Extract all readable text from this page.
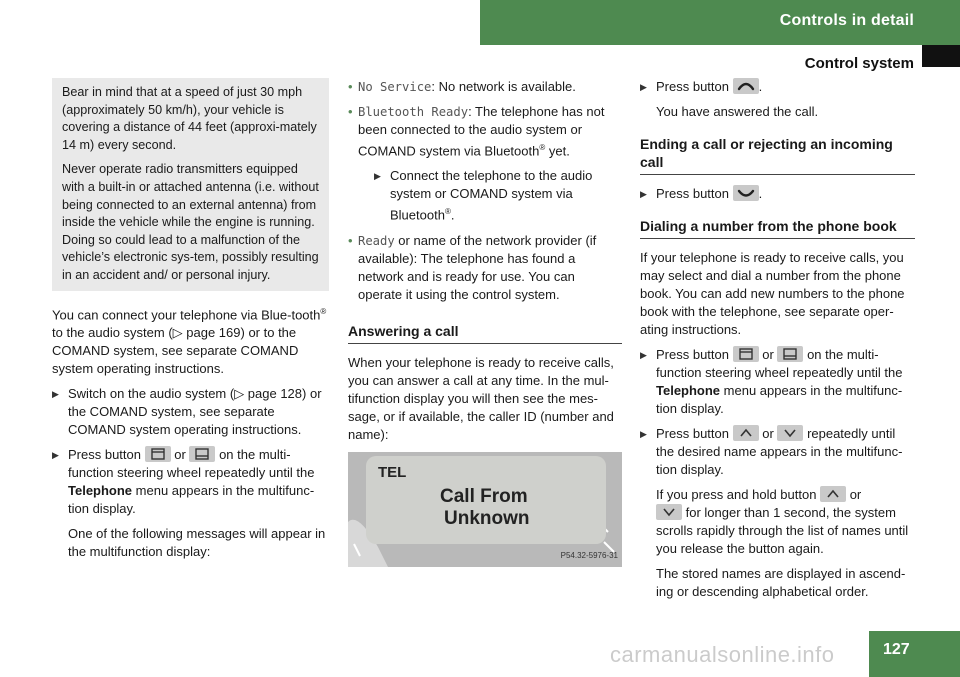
Controls in detail
Control system

Bear in mind that at a speed of just 30 mph (approximately 50 km/h), your vehicle is covering a distance of 44 feet (approxi-mately 14 m) every second.

Never operate radio transmitters equipped with a built-in or attached antenna (i.e. without being connected to an external antenna) from inside the vehicle while the engine is running. Doing so could lead to a malfunction of the vehicle’s electronic sys-tem, possibly resulting in an accident and/ or personal injury.

You can connect your telephone via Blue-tooth® to the audio system (▷ page 169) or to the COMAND system, see separate COMAND system operating instructions.

▶ Switch on the audio system (▷ page 128) or the COMAND system, see separate COMAND system operating instructions.
▶ Press button	or	on the multi-function steering wheel repeatedly until the Telephone menu appears in the multifunc-tion display.

One of the following messages will appear in the multifunction display:

• No Service: No network is available.
• Bluetooth Ready: The telephone has not been connected to the audio system or COMAND system via Bluetooth® yet.
▶ Connect the telephone to the audio system or COMAND system via Bluetooth®.
• Ready or name of the network provider (if available): The telephone has found a network and is ready for use. You can operate it using the control system.
Answering a call

When your telephone is ready to receive calls, you can answer a call at any time. In the mul-tifunction display you will then see the mes-sage, or if available, the caller ID (number and name):

TEL
Call From
Unknown
P54.32-5976-31
▶ Press button .

You have answered the call.

Ending a call or rejecting an incoming call
▶ Press button .
Dialing a number from the phone book

If your telephone is ready to receive calls, you may select and dial a number from the phone book. You can add new numbers to the phone book with the telephone, see separate oper-ating instructions.

▶ Press button	or	on the multi-function steering wheel repeatedly until the Telephone menu appears in the multifunc-tion display.
▶ Press button	or	repeatedly until the desired name appears in the multifunc-tion display.

If you press and hold button	or

for longer than 1 second, the system scrolls rapidly through the list of names until you release the button again.

The stored names are displayed in ascend-ing or descending alphabetical order.

127
carmanualsonline.info
